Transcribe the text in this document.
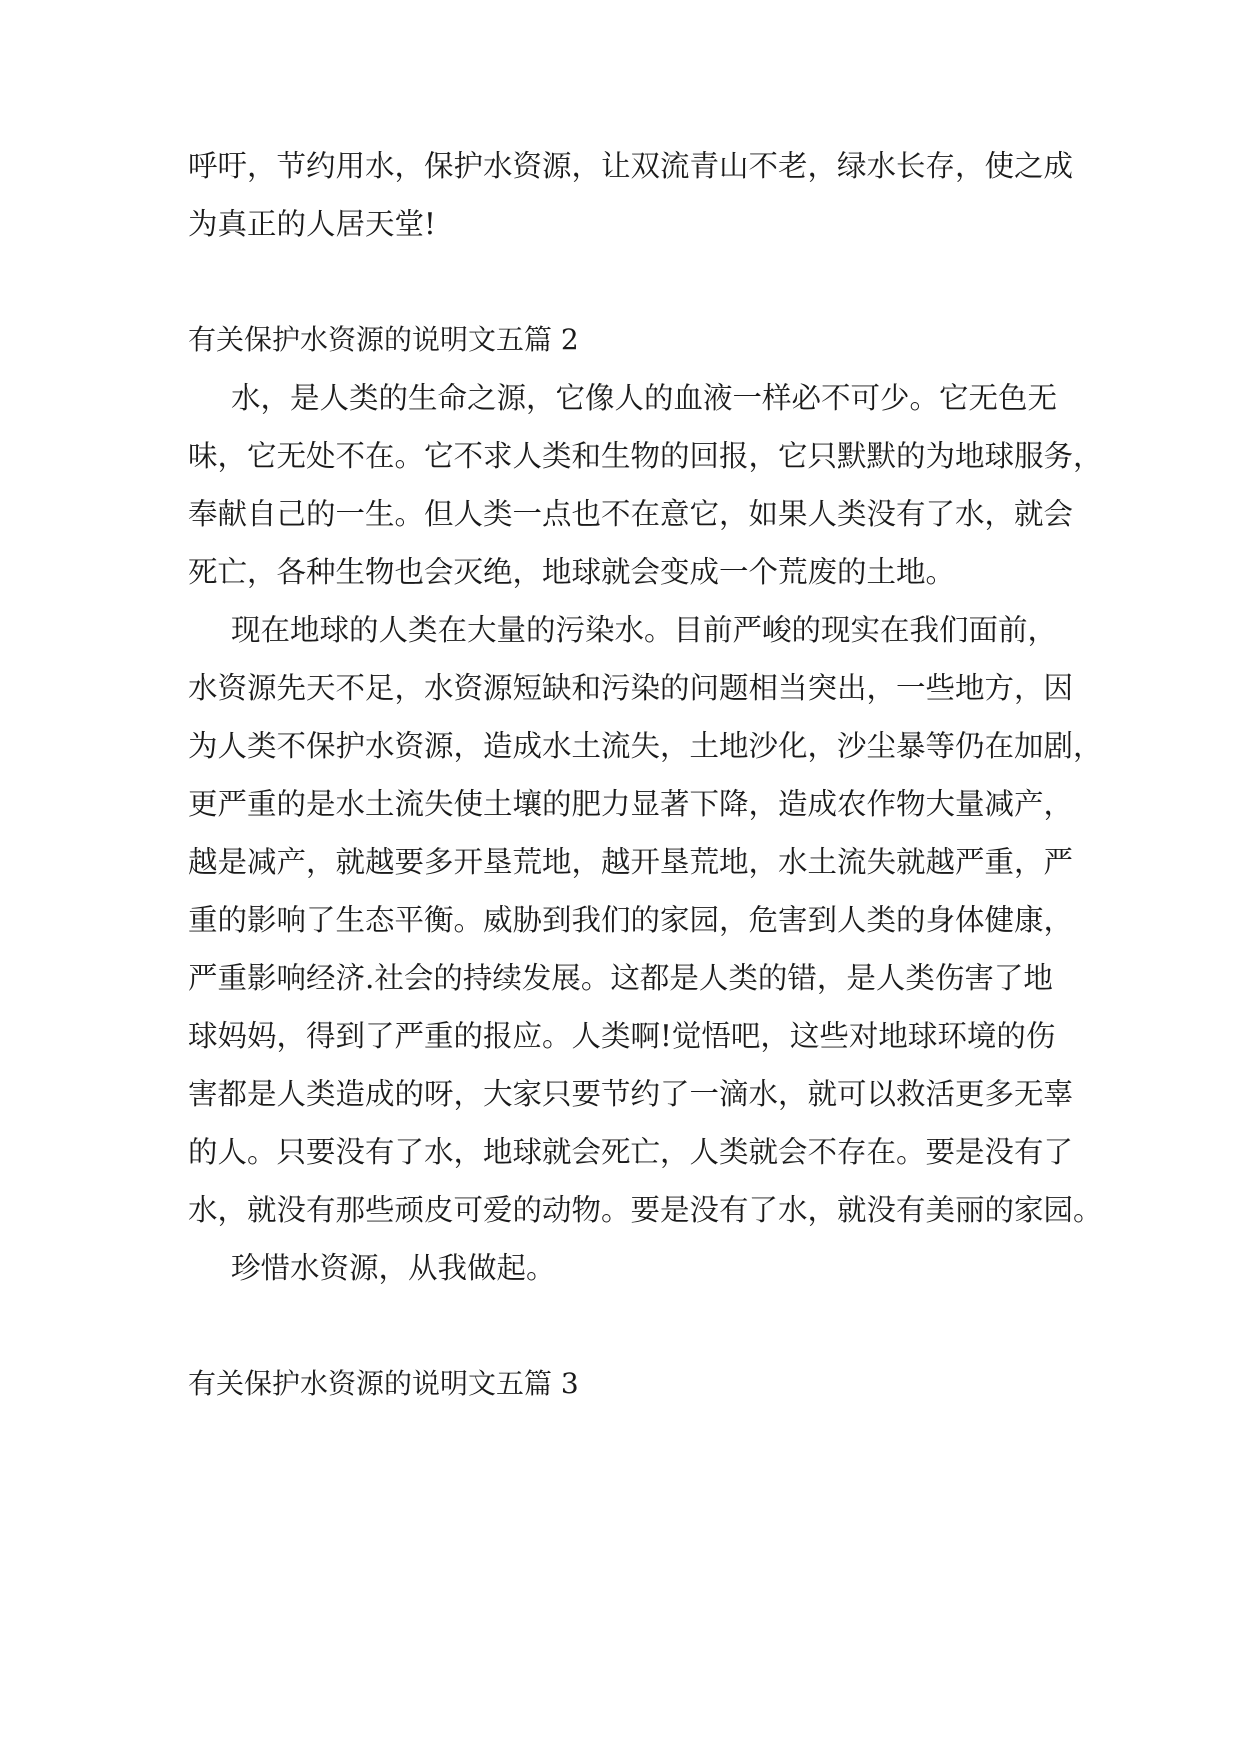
呼吁，节约用水，保护水资源，让双流青山不老，绿水长存，使之成
为真正的人居天堂!
有关保护水资源的说明文五篇 2
水，是人类的生命之源，它像人的血液一样必不可少。它无色无
味，它无处不在。它不求人类和生物的回报，它只默默的为地球服务，
奉献自己的一生。但人类一点也不在意它，如果人类没有了水，就会
死亡，各种生物也会灭绝，地球就会变成一个荒废的土地。
现在地球的人类在大量的污染水。目前严峻的现实在我们面前，
水资源先天不足，水资源短缺和污染的问题相当突出，一些地方，因
为人类不保护水资源，造成水土流失，土地沙化，沙尘暴等仍在加剧，
更严重的是水土流失使土壤的肥力显著下降，造成农作物大量减产，
越是减产，就越要多开垦荒地，越开垦荒地，水土流失就越严重，严
重的影响了生态平衡。威胁到我们的家园，危害到人类的身体健康，
严重影响经济.社会的持续发展。这都是人类的错，是人类伤害了地
球妈妈，得到了严重的报应。人类啊!觉悟吧，这些对地球环境的伤
害都是人类造成的呀，大家只要节约了一滴水，就可以救活更多无辜
的人。只要没有了水，地球就会死亡，人类就会不存在。要是没有了
水，就没有那些顽皮可爱的动物。要是没有了水，就没有美丽的家园。
珍惜水资源，从我做起。
有关保护水资源的说明文五篇 3
